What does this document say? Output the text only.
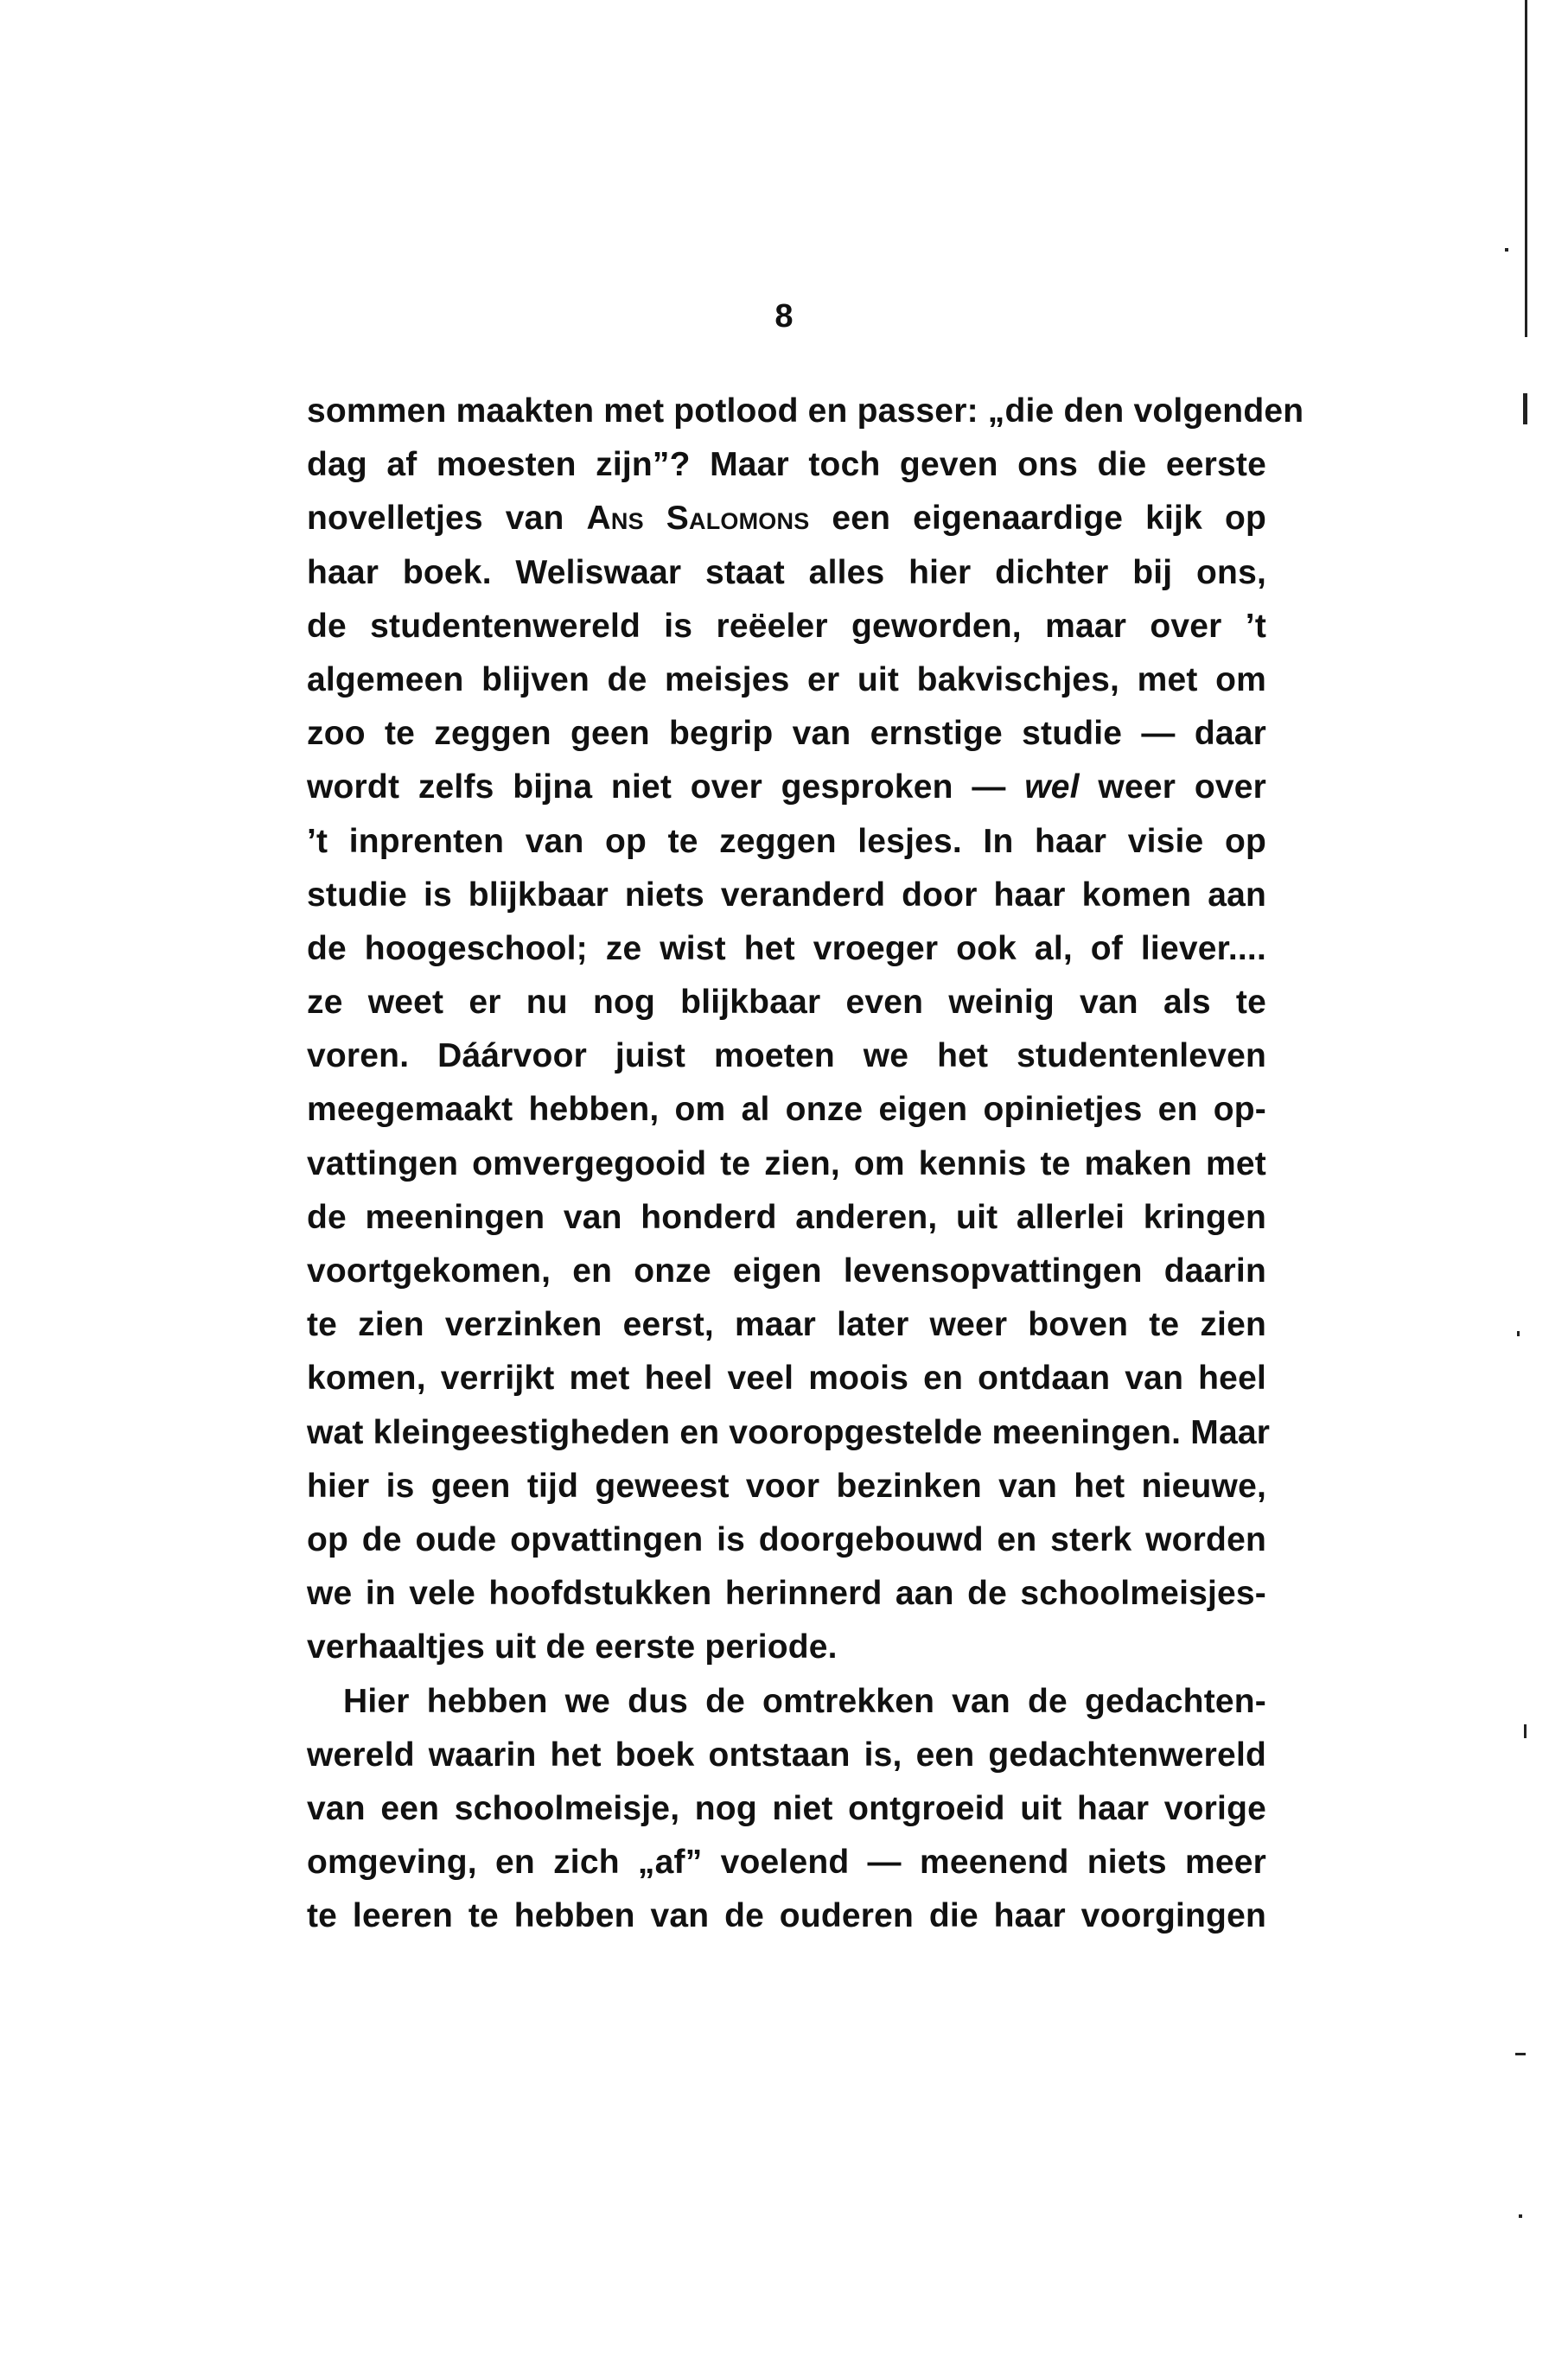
8
sommen maakten met potlood en passer: „die den volgenden
dag af moesten zijn”? Maar toch geven ons die eerste
novelletjes van Ans Salomons een eigenaardige kijk op
haar boek. Weliswaar staat alles hier dichter bij ons,
de studentenwereld is reëeler geworden, maar over ’t
algemeen blijven de meisjes er uit bakvischjes, met om
zoo te zeggen geen begrip van ernstige studie — daar
wordt zelfs bijna niet over gesproken — wel weer over
’t inprenten van op te zeggen lesjes. In haar visie op
studie is blijkbaar niets veranderd door haar komen aan
de hoogeschool; ze wist het vroeger ook al, of liever....
ze weet er nu nog blijkbaar even weinig van als te
voren. Dáárvoor juist moeten we het studentenleven
meegemaakt hebben, om al onze eigen opinietjes en op-
vattingen omvergegooid te zien, om kennis te maken met
de meeningen van honderd anderen, uit allerlei kringen
voortgekomen, en onze eigen levensopvattingen daarin
te zien verzinken eerst, maar later weer boven te zien
komen, verrijkt met heel veel moois en ontdaan van heel
wat kleingeestigheden en vooropgestelde meeningen. Maar
hier is geen tijd geweest voor bezinken van het nieuwe,
op de oude opvattingen is doorgebouwd en sterk worden
we in vele hoofdstukken herinnerd aan de schoolmeisjes-
verhaaltjes uit de eerste periode.
Hier hebben we dus de omtrekken van de gedachten-
wereld waarin het boek ontstaan is, een gedachtenwereld
van een schoolmeisje, nog niet ontgroeid uit haar vorige
omgeving, en zich „af” voelend — meenend niets meer
te leeren te hebben van de ouderen die haar voorgingen
